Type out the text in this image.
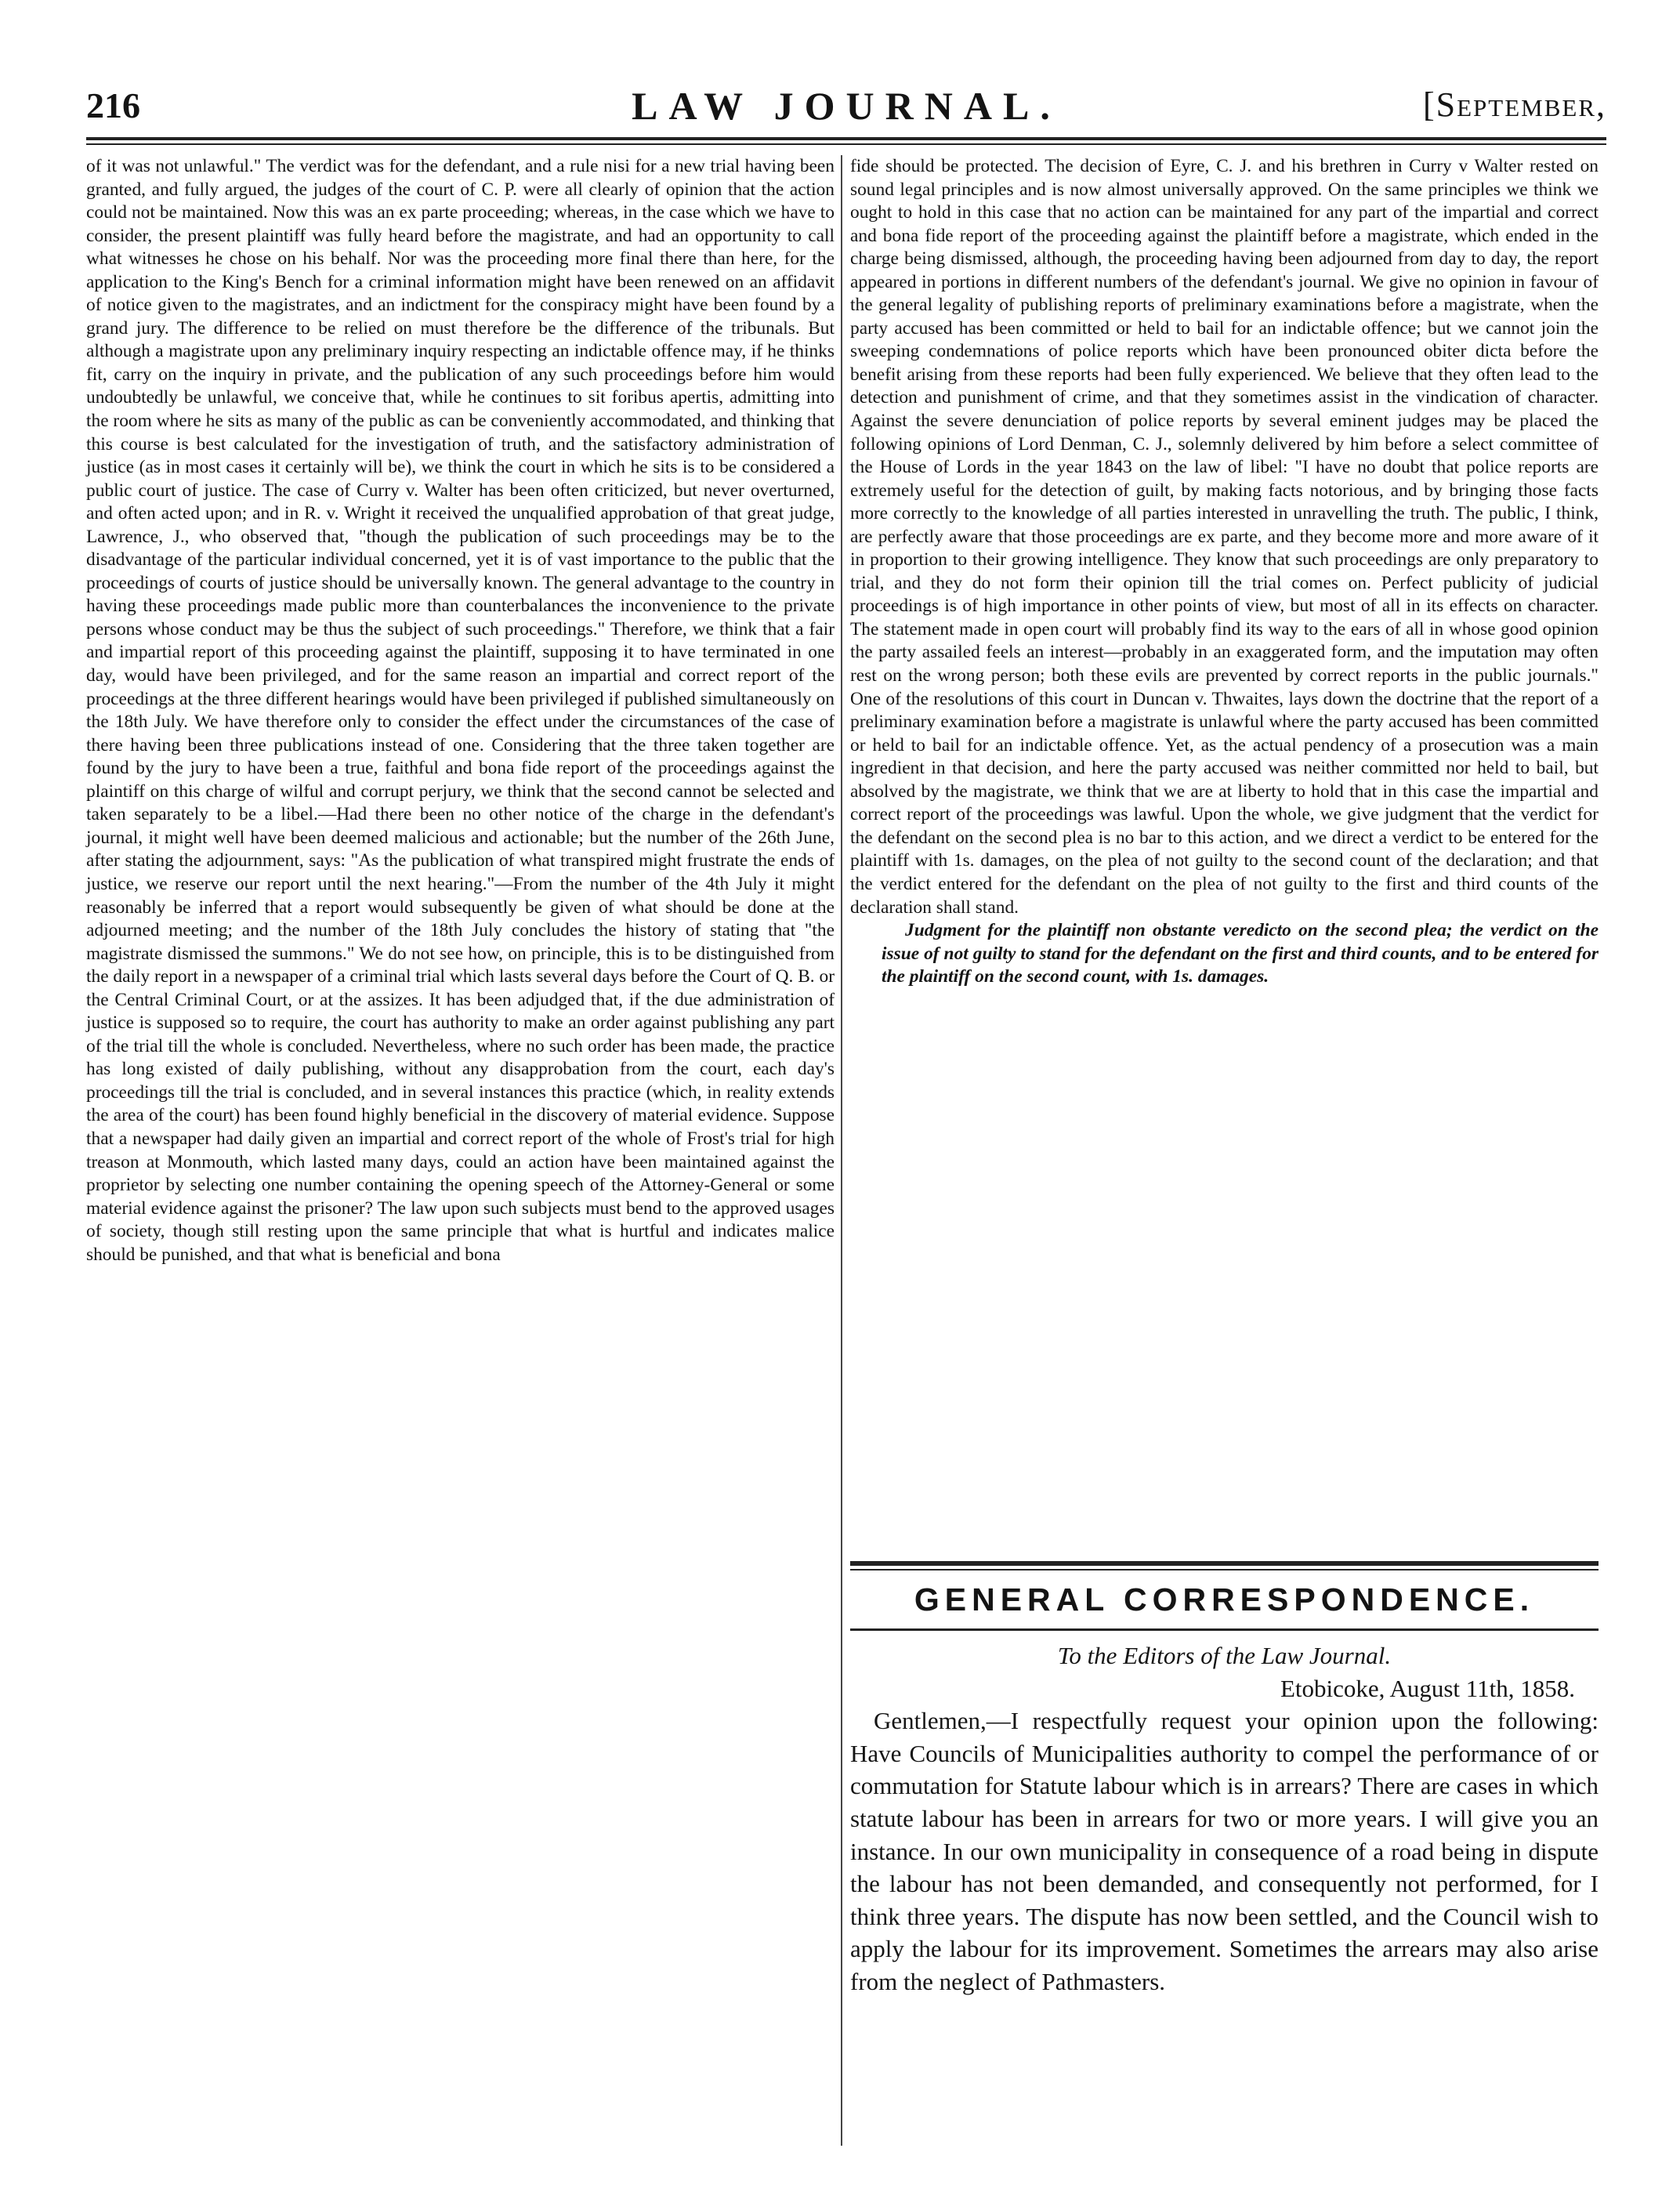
216	LAW JOURNAL.	[September,

of it was not unlawful." The verdict was for the defendant, and a rule nisi for a new trial having been granted, and fully argued, the judges of the court of C. P. were all clearly of opinion that the action could not be maintained. Now this was an ex parte proceeding; whereas, in the case which we have to consider, the present plaintiff was fully heard before the magistrate, and had an opportunity to call what witnesses he chose on his behalf. Nor was the proceeding more final there than here, for the application to the King's Bench for a criminal information might have been renewed on an affidavit of notice given to the magistrates, and an indictment for the conspiracy might have been found by a grand jury. The difference to be relied on must therefore be the difference of the tribunals. But although a magistrate upon any preliminary inquiry respecting an indictable offence may, if he thinks fit, carry on the inquiry in private, and the publication of any such proceedings before him would undoubtedly be unlawful, we conceive that, while he continues to sit foribus apertis, admitting into the room where he sits as many of the public as can be conveniently accommodated, and thinking that this course is best calculated for the investigation of truth, and the satisfactory administration of justice (as in most cases it certainly will be), we think the court in which he sits is to be considered a public court of justice. The case of Curry v. Walter has been often criticized, but never overturned, and often acted upon; and in R. v. Wright it received the unqualified approbation of that great judge, Lawrence, J., who observed that, "though the publication of such proceedings may be to the disadvantage of the particular individual concerned, yet it is of vast importance to the public that the proceedings of courts of justice should be universally known. The general advantage to the country in having these proceedings made public more than counterbalances the inconvenience to the private persons whose conduct may be thus the subject of such proceedings." Therefore, we think that a fair and impartial report of this proceeding against the plaintiff, supposing it to have terminated in one day, would have been privileged, and for the same reason an impartial and correct report of the proceedings at the three different hearings would have been privileged if published simultaneously on the 18th July. We have therefore only to consider the effect under the circumstances of the case of there having been three publications instead of one. Considering that the three taken together are found by the jury to have been a true, faithful and bona fide report of the proceedings against the plaintiff on this charge of wilful and corrupt perjury, we think that the second cannot be selected and taken separately to be a libel.—Had there been no other notice of the charge in the defendant's journal, it might well have been deemed malicious and actionable; but the number of the 26th June, after stating the adjournment, says: "As the publication of what transpired might frustrate the ends of justice, we reserve our report until the next hearing."—From the number of the 4th July it might reasonably be inferred that a report would subsequently be given of what should be done at the adjourned meeting; and the number of the 18th July concludes the history of stating that "the magistrate dismissed the summons." We do not see how, on principle, this is to be distinguished from the daily report in a newspaper of a criminal trial which lasts several days before the Court of Q. B. or the Central Criminal Court, or at the assizes. It has been adjudged that, if the due administration of justice is supposed so to require, the court has authority to make an order against publishing any part of the trial till the whole is concluded. Nevertheless, where no such order has been made, the practice has long existed of daily publishing, without any disapprobation from the court, each day's proceedings till the trial is concluded, and in several instances this practice (which, in reality extends the area of the court) has been found highly beneficial in the discovery of material evidence. Suppose that a newspaper had daily given an impartial and correct report of the whole of Frost's trial for high treason at Monmouth, which lasted many days, could an action have been maintained against the proprietor by selecting one number containing the opening speech of the Attorney-General or some material evidence against the prisoner? The law upon such subjects must bend to the approved usages of society, though still resting upon the same principle that what is hurtful and indicates malice should be punished, and that what is beneficial and bona

fide should be protected. The decision of Eyre, C. J. and his brethren in Curry v Walter rested on sound legal principles and is now almost universally approved. On the same principles we think we ought to hold in this case that no action can be maintained for any part of the impartial and correct and bona fide report of the proceeding against the plaintiff before a magistrate, which ended in the charge being dismissed, although, the proceeding having been adjourned from day to day, the report appeared in portions in different numbers of the defendant's journal. We give no opinion in favour of the general legality of publishing reports of preliminary examinations before a magistrate, when the party accused has been committed or held to bail for an indictable offence; but we cannot join the sweeping condemnations of police reports which have been pronounced obiter dicta before the benefit arising from these reports had been fully experienced. We believe that they often lead to the detection and punishment of crime, and that they sometimes assist in the vindication of character. Against the severe denunciation of police reports by several eminent judges may be placed the following opinions of Lord Denman, C. J., solemnly delivered by him before a select committee of the House of Lords in the year 1843 on the law of libel: "I have no doubt that police reports are extremely useful for the detection of guilt, by making facts notorious, and by bringing those facts more correctly to the knowledge of all parties interested in unravelling the truth. The public, I think, are perfectly aware that those proceedings are ex parte, and they become more and more aware of it in proportion to their growing intelligence. They know that such proceedings are only preparatory to trial, and they do not form their opinion till the trial comes on. Perfect publicity of judicial proceedings is of high importance in other points of view, but most of all in its effects on character. The statement made in open court will probably find its way to the ears of all in whose good opinion the party assailed feels an interest—probably in an exaggerated form, and the imputation may often rest on the wrong person; both these evils are prevented by correct reports in the public journals." One of the resolutions of this court in Duncan v. Thwaites, lays down the doctrine that the report of a preliminary examination before a magistrate is unlawful where the party accused has been committed or held to bail for an indictable offence. Yet, as the actual pendency of a prosecution was a main ingredient in that decision, and here the party accused was neither committed nor held to bail, but absolved by the magistrate, we think that we are at liberty to hold that in this case the impartial and correct report of the proceedings was lawful. Upon the whole, we give judgment that the verdict for the defendant on the second plea is no bar to this action, and we direct a verdict to be entered for the plaintiff with 1s. damages, on the plea of not guilty to the second count of the declaration; and that the verdict entered for the defendant on the plea of not guilty to the first and third counts of the declaration shall stand.

Judgment for the plaintiff non obstante veredicto on the second plea; the verdict on the issue of not guilty to stand for the defendant on the first and third counts, and to be entered for the plaintiff on the second count, with 1s. damages.

GENERAL CORRESPONDENCE.

To the Editors of the Law Journal.

Etobicoke, August 11th, 1858.

Gentlemen,—I respectfully request your opinion upon the following: Have Councils of Municipalities authority to compel the performance of or commutation for Statute labour which is in arrears? There are cases in which statute labour has been in arrears for two or more years. I will give you an instance. In our own municipality in consequence of a road being in dispute the labour has not been demanded, and consequently not performed, for I think three years. The dispute has now been settled, and the Council wish to apply the labour for its improvement. Sometimes the arrears may also arise from the neglect of Pathmasters.
